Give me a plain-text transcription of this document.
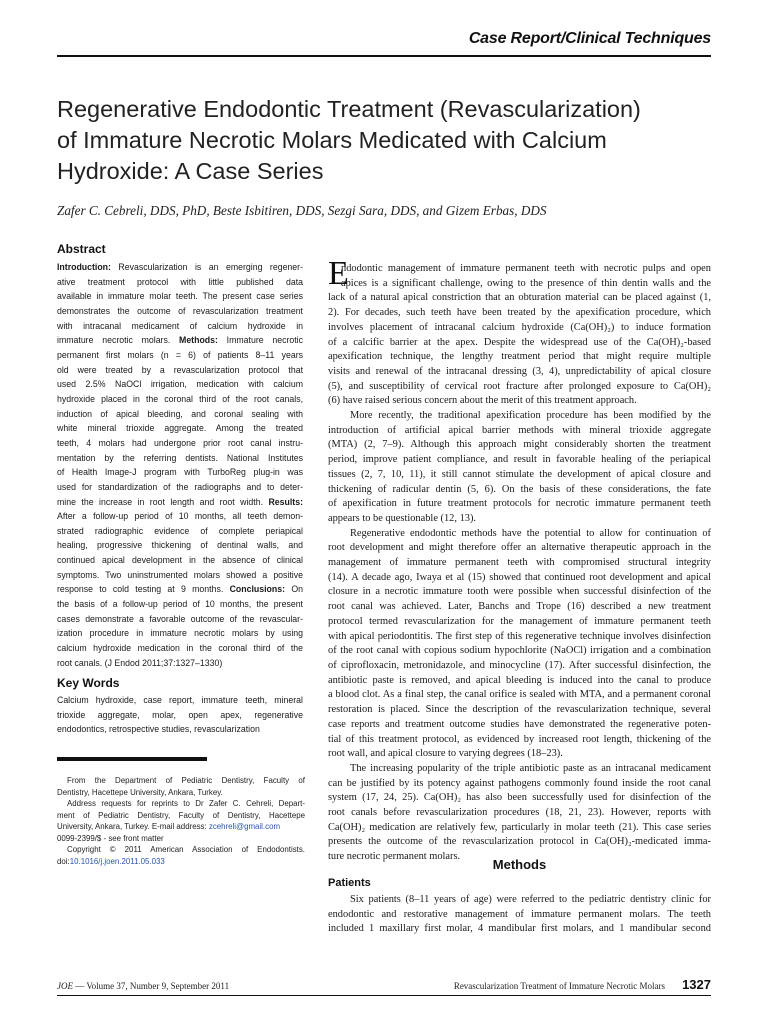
Case Report/Clinical Techniques
Regenerative Endodontic Treatment (Revascularization)
of Immature Necrotic Molars Medicated with Calcium
Hydroxide: A Case Series
Zafer C. Cebreli, DDS, PhD, Beste Isbitiren, DDS, Sezgi Sara, DDS, and Gizem Erbas, DDS
Abstract
Introduction: Revascularization is an emerging regener-
ative treatment protocol with little published data
available in immature molar teeth. The present case series
demonstrates the outcome of revascularization treatment
with intracanal medicament of calcium hydroxide in
immature necrotic molars. Methods: Immature necrotic
permanent first molars (n = 6) of patients 8–11 years
old were treated by a revascularization protocol that
used 2.5% NaOCl irrigation, medication with calcium
hydroxide placed in the coronal third of the root canals,
induction of apical bleeding, and coronal sealing with
white mineral trioxide aggregate. Among the treated
teeth, 4 molars had undergone prior root canal instru-
mentation by the referring dentists. National Institutes
of Health Image-J program with TurboReg plug-in was
used for standardization of the radiographs and to deter-
mine the increase in root length and root width. Results:
After a follow-up period of 10 months, all teeth demon-
strated radiographic evidence of complete periapical
healing, progressive thickening of dentinal walls, and
continued apical development in the absence of clinical
symptoms. Two uninstrumented molars showed a positive
response to cold testing at 9 months. Conclusions: On
the basis of a follow-up period of 10 months, the present
cases demonstrate a favorable outcome of the revascular-
ization procedure in immature necrotic molars by using
calcium hydroxide medication in the coronal third of the
root canals. (J Endod 2011;37:1327–1330)
Key Words
Calcium hydroxide, case report, immature teeth, mineral
trioxide aggregate, molar, open apex, regenerative
endodontics, retrospective studies, revascularization
From the Department of Pediatric Dentistry, Faculty of
Dentistry, Hacettepe University, Ankara, Turkey.
Address requests for reprints to Dr Zafer C. Cehreli, Depart-
ment of Pediatric Dentistry, Faculty of Dentistry, Hacettepe
University, Ankara, Turkey. E-mail address: zcehreli@gmail.com
0099-2399/$ - see front matter
Copyright © 2011 American Association of Endodontists.
doi:10.1016/j.joen.2011.05.033
E
ndodontic management of immature permanent teeth with necrotic pulps and open
apices is a significant challenge, owing to the presence of thin dentin walls and the
lack of a natural apical constriction that an obturation material can be placed against (1,
2). For decades, such teeth have been treated by the apexification procedure, which
involves placement of intracanal calcium hydroxide (Ca(OH)₂) to induce formation
of a calcific barrier at the apex. Despite the widespread use of the Ca(OH)₂-based
apexification technique, the lengthy treatment period that might require multiple
visits and renewal of the intracanal dressing (3, 4), unpredictability of apical closure
(5), and susceptibility of cervical root fracture after prolonged exposure to Ca(OH)₂
(6) have raised serious concern about the merit of this treatment approach.
More recently, the traditional apexification procedure has been modified by the
introduction of artificial apical barrier methods with mineral trioxide aggregate
(MTA) (2, 7–9). Although this approach might considerably shorten the treatment
period, improve patient compliance, and result in favorable healing of the periapical
tissues (2, 7, 10, 11), it still cannot stimulate the development of apical closure and
thickening of radicular dentin (5, 6). On the basis of these considerations, the fate
of apexification in future treatment protocols for necrotic immature permanent teeth
appears to be questionable (12, 13).
Regenerative endodontic methods have the potential to allow for continuation of
root development and might therefore offer an alternative therapeutic approach in the
management of immature permanent teeth with compromised structural integrity
(14). A decade ago, Iwaya et al (15) showed that continued root development and apical
closure in a necrotic immature tooth were possible when successful disinfection of the
root canal was achieved. Later, Banchs and Trope (16) described a new treatment
protocol termed revascularization for the management of immature permanent teeth
with apical periodontitis. The first step of this regenerative technique involves disinfection
of the root canal with copious sodium hypochlorite (NaOCl) irrigation and a combination
of ciprofloxacin, metronidazole, and minocycline (17). After successful disinfection, the
antibiotic paste is removed, and apical bleeding is induced into the canal to produce
a blood clot. As a final step, the canal orifice is sealed with MTA, and a permanent coronal
restoration is placed. Since the description of the revascularization technique, several
case reports and treatment outcome studies have demonstrated the regenerative poten-
tial of this treatment protocol, as evidenced by increased root length, thickening of the
root wall, and apical closure to varying degrees (18–23).
The increasing popularity of the triple antibiotic paste as an intracanal medicament
can be justified by its potency against pathogens commonly found inside the root canal
system (17, 24, 25). Ca(OH)₂ has also been successfully used for disinfection of the
root canals before revascularization procedures (18, 21, 23). However, reports with
Ca(OH)₂ medication are relatively few, particularly in molar teeth (21). This case series
presents the outcome of the revascularization protocol in Ca(OH)₂-medicated imma-
ture necrotic permanent molars.
Methods
Patients
Six patients (8–11 years of age) were referred to the pediatric dentistry clinic for
endodontic and restorative management of immature permanent molars. The teeth
included 1 maxillary first molar, 4 mandibular first molars, and 1 mandibular second
JOE — Volume 37, Number 9, September 2011	Revascularization Treatment of Immature Necrotic Molars 1327
